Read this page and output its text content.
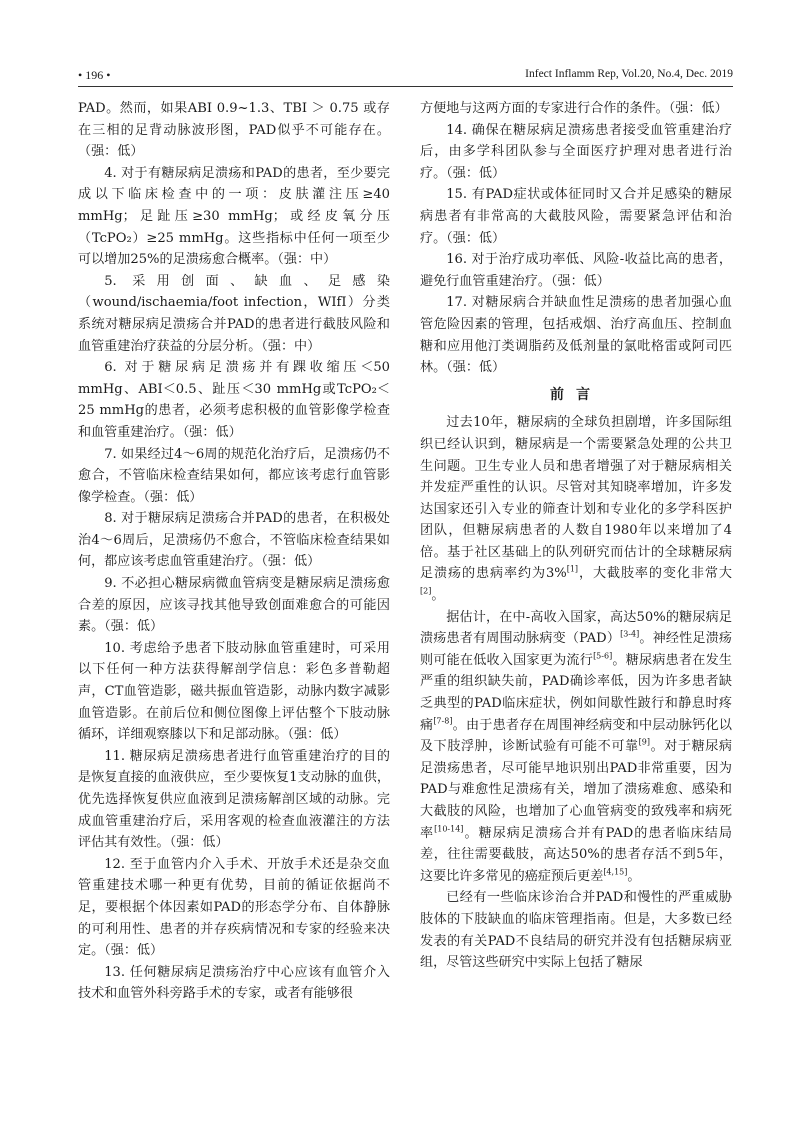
• 196 •	Infect Inflamm Rep, Vol.20, No.4, Dec. 2019

PAD。然而，如果ABI 0.9~1.3、TBI ＞ 0.75 或存在三相的足背动脉波形图，PAD似乎不可能存在。（强：低）

4. 对于有糖尿病足溃疡和PAD的患者，至少要完成以下临床检查中的一项：皮肤灌注压≥40 mmHg；足趾压≥30 mmHg；或经皮氧分压（TcPO₂）≥25 mmHg。这些指标中任何一项至少可以增加25%的足溃疡愈合概率。（强：中）

5. 采用创面、缺血、足感染（wound/ischaemia/foot infection，WIfI）分类系统对糖尿病足溃疡合并PAD的患者进行截肢风险和血管重建治疗获益的分层分析。（强：中）

6. 对于糖尿病足溃疡并有踝收缩压＜50 mmHg、ABI＜0.5、趾压＜30 mmHg或TcPO₂＜25 mmHg的患者，必须考虑积极的血管影像学检查和血管重建治疗。（强：低）

7. 如果经过4～6周的规范化治疗后，足溃疡仍不愈合，不管临床检查结果如何，都应该考虑行血管影像学检查。（强：低）

8. 对于糖尿病足溃疡合并PAD的患者，在积极处治4～6周后，足溃疡仍不愈合，不管临床检查结果如何，都应该考虑血管重建治疗。（强：低）

9. 不必担心糖尿病微血管病变是糖尿病足溃疡愈合差的原因，应该寻找其他导致创面难愈合的可能因素。（强：低）

10. 考虑给予患者下肢动脉血管重建时，可采用以下任何一种方法获得解剖学信息：彩色多普勒超声，CT血管造影，磁共振血管造影，动脉内数字减影血管造影。在前后位和侧位图像上评估整个下肢动脉循环，详细观察膝以下和足部动脉。（强：低）

11. 糖尿病足溃疡患者进行血管重建治疗的目的是恢复直接的血液供应，至少要恢复1支动脉的血供，优先选择恢复供应血液到足溃疡解剖区域的动脉。完成血管重建治疗后，采用客观的检查血液灌注的方法评估其有效性。（强：低）

12. 至于血管内介入手术、开放手术还是杂交血管重建技术哪一种更有优势，目前的循证依据尚不足，要根据个体因素如PAD的形态学分布、自体静脉的可利用性、患者的并存疾病情况和专家的经验来决定。（强：低）

13. 任何糖尿病足溃疡治疗中心应该有血管介入技术和血管外科旁路手术的专家，或者有能够很

方便地与这两方面的专家进行合作的条件。（强：低）

14. 确保在糖尿病足溃疡患者接受血管重建治疗后，由多学科团队参与全面医疗护理对患者进行治疗。（强：低）

15. 有PAD症状或体征同时又合并足感染的糖尿病患者有非常高的大截肢风险，需要紧急评估和治疗。（强：低）

16. 对于治疗成功率低、风险-收益比高的患者，避免行血管重建治疗。（强：低）

17. 对糖尿病合并缺血性足溃疡的患者加强心血管危险因素的管理，包括戒烟、治疗高血压、控制血糖和应用他汀类调脂药及低剂量的氯吡格雷或阿司匹林。（强：低）

前言

过去10年，糖尿病的全球负担剧增，许多国际组织已经认识到，糖尿病是一个需要紧急处理的公共卫生问题。卫生专业人员和患者增强了对于糖尿病相关并发症严重性的认识。尽管对其知晓率增加，许多发达国家还引入专业的筛查计划和专业化的多学科医护团队，但糖尿病患者的人数自1980年以来增加了4倍。基于社区基础上的队列研究而估计的全球糖尿病足溃疡的患病率约为3%[1]，大截肢率的变化非常大[2]。

据估计，在中-高收入国家，高达50%的糖尿病足溃疡患者有周围动脉病变（PAD）[3-4]。神经性足溃疡则可能在低收入国家更为流行[5-6]。糖尿病患者在发生严重的组织缺失前，PAD确诊率低，因为许多患者缺乏典型的PAD临床症状，例如间歇性跛行和静息时疼痛[7-8]。由于患者存在周围神经病变和中层动脉钙化以及下肢浮肿，诊断试验有可能不可靠[9]。对于糖尿病足溃疡患者，尽可能早地识别出PAD非常重要，因为PAD与难愈性足溃疡有关，增加了溃疡难愈、感染和大截肢的风险，也增加了心血管病变的致残率和病死率[10-14]。糖尿病足溃疡合并有PAD的患者临床结局差，往往需要截肢，高达50%的患者存活不到5年，这要比许多常见的癌症预后更差[4,15]。

已经有一些临床诊治合并PAD和慢性的严重威胁肢体的下肢缺血的临床管理指南。但是，大多数已经发表的有关PAD不良结局的研究并没有包括糖尿病亚组，尽管这些研究中实际上包括了糖尿
